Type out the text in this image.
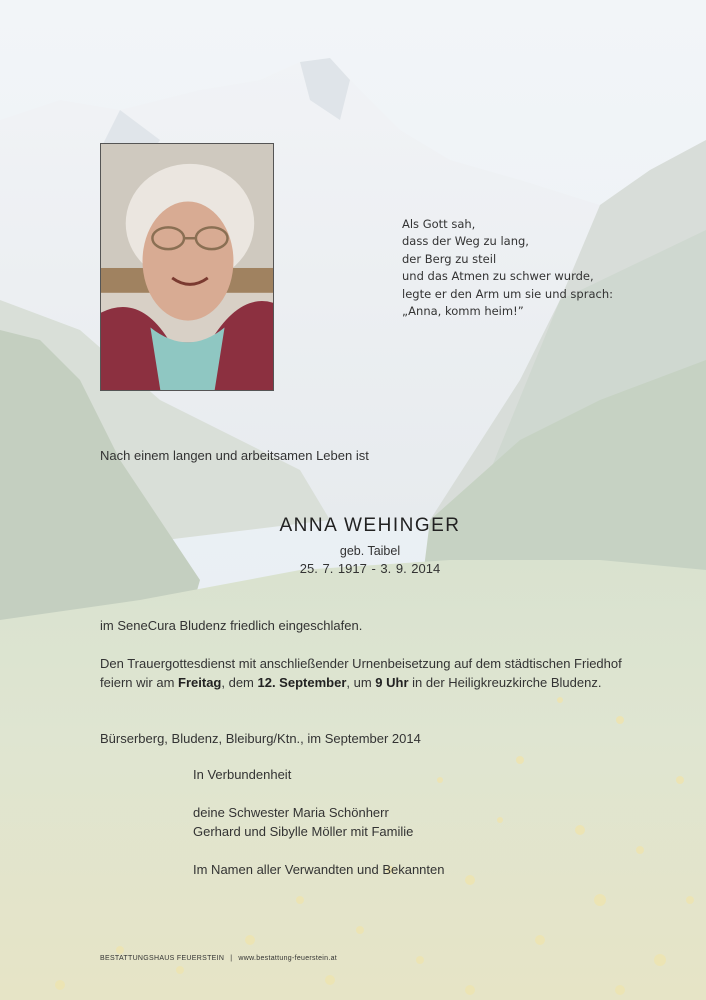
Als Gott sah,
dass der Weg zu lang,
der Berg zu steil
und das Atmen zu schwer wurde,
legte er den Arm um sie und sprach:
„Anna, komm heim!”
Nach einem langen und arbeitsamen Leben ist
ANNA WEHINGER
geb. Taibel
25. 7. 1917 - 3. 9. 2014
im SeneCura Bludenz friedlich eingeschlafen.
Den Trauergottesdienst mit anschließender Urnenbeisetzung auf dem städtischen Friedhof feiern wir am Freitag, dem 12. September, um 9 Uhr in der Heiligkreuzkirche Bludenz.
Bürserberg, Bludenz, Bleiburg/Ktn., im September 2014
In Verbundenheit
deine Schwester Maria Schönherr
Gerhard und Sibylle Möller mit Familie
Im Namen aller Verwandten und Bekannten
BESTATTUNGSHAUS FEUERSTEIN | www.bestattung-feuerstein.at
